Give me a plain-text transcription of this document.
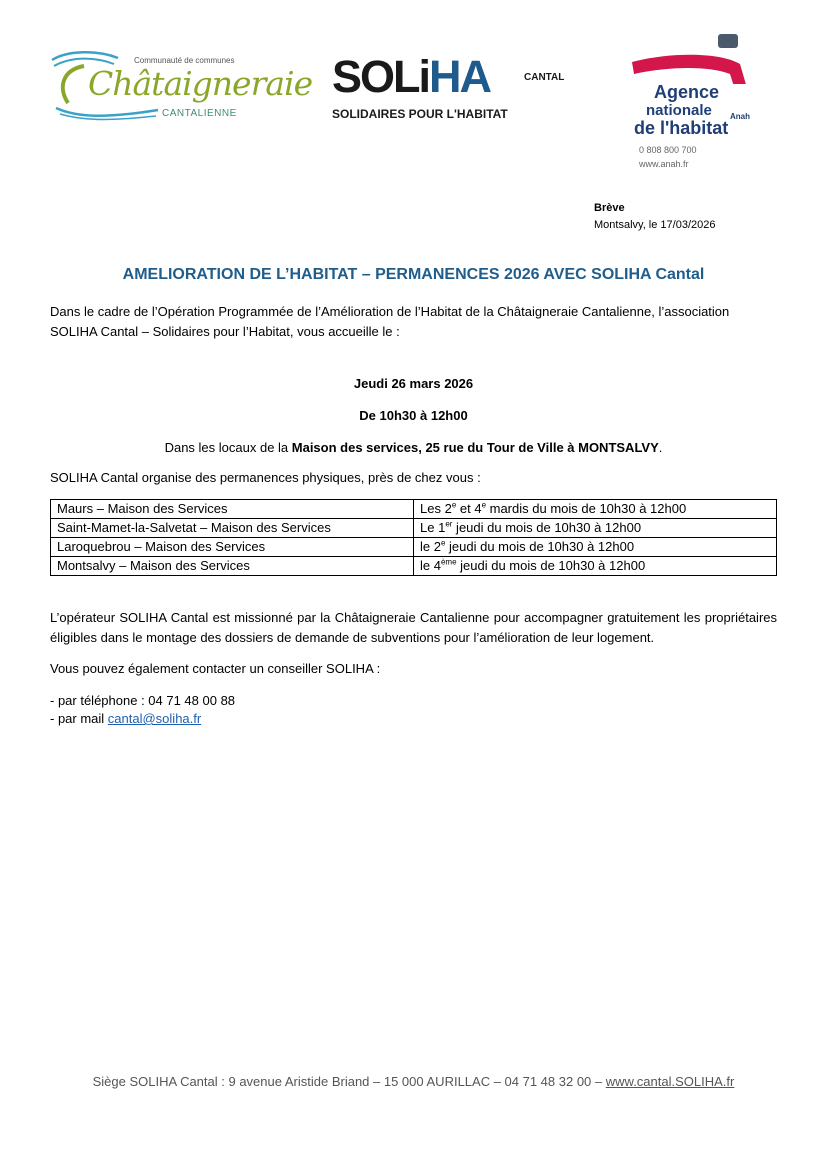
Communauté de communes
Châtaigneraie
CANTALIENNE
SOLiHA	CANTAL
SOLIDAIRES POUR L'HABITAT
Agence
nationale Anah
de l'habitat
0 808 800 700
www.anah.fr
Brève
Montsalvy, le 17/03/2026
AMELIORATION DE L’HABITAT – PERMANENCES 2026 AVEC SOLIHA Cantal
Dans le cadre de l’Opération Programmée de l’Amélioration de l’Habitat de la Châtaigneraie Cantalienne, l’association SOLIHA Cantal – Solidaires pour l’Habitat, vous accueille le :
Jeudi 26 mars 2026
De 10h30 à 12h00
Dans les locaux de la Maison des services, 25 rue du Tour de Ville à MONTSALVY.
SOLIHA Cantal organise des permanences physiques, près de chez vous :
Maurs – Maison des Services	Les 2e et 4e mardis du mois de 10h30 à 12h00
Saint-Mamet-la-Salvetat – Maison des Services	Le 1er jeudi du mois de 10h30 à 12h00
Laroquebrou – Maison des Services	le 2e jeudi du mois de 10h30 à 12h00
Montsalvy – Maison des Services	le 4ème jeudi du mois de 10h30 à 12h00
L’opérateur SOLIHA Cantal est missionné par la Châtaigneraie Cantalienne pour accompagner gratuitement les propriétaires éligibles dans le montage des dossiers de demande de subventions pour l’amélioration de leur logement.
Vous pouvez également contacter un conseiller SOLIHA :
- par téléphone : 04 71 48 00 88
- par mail cantal@soliha.fr
Siège SOLIHA Cantal : 9 avenue Aristide Briand – 15 000 AURILLAC – 04 71 48 32 00 – www.cantal.SOLIHA.fr
